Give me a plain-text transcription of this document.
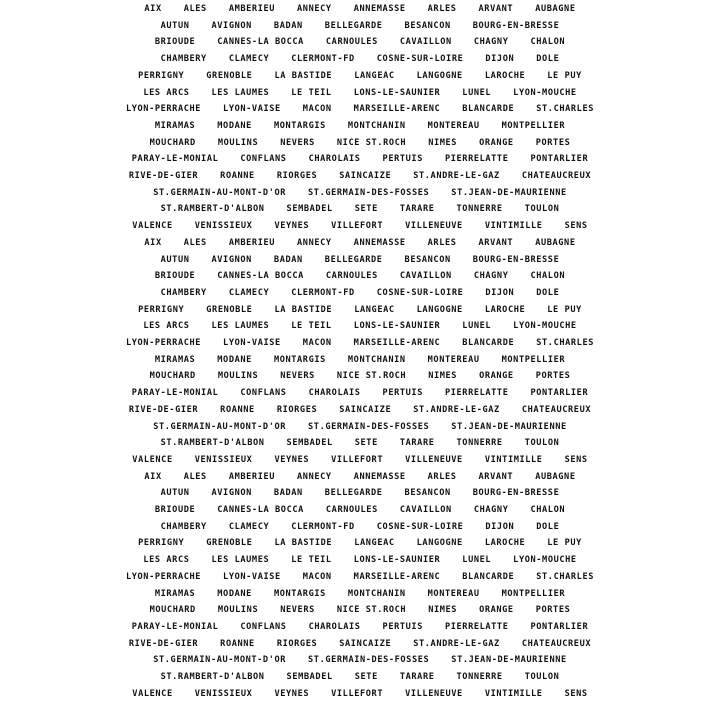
AIX	ALES	AMBERIEU	ANNECY	ANNEMASSE	ARLES	ARVANT	AUBAGNE
AUTUN	AVIGNON	BADAN	BELLEGARDE	BESANCON	BOURG-EN-BRESSE
BRIOUDE	CANNES-LA BOCCA	CARNOULES	CAVAILLON	CHAGNY	CHALON
CHAMBERY	CLAMECY	CLERMONT-FD	COSNE-SUR-LOIRE	DIJON	DOLE
PERRIGNY	GRENOBLE	LA BASTIDE	LANGEAC	LANGOGNE	LAROCHE	LE PUY
LES ARCS	LES LAUMES	LE TEIL	LONS-LE-SAUNIER	LUNEL	LYON-MOUCHE
LYON-PERRACHE	LYON-VAISE	MACON	MARSEILLE-ARENC	BLANCARDE	ST.CHARLES
MIRAMAS	MODANE	MONTARGIS	MONTCHANIN	MONTEREAU	MONTPELLIER
MOUCHARD	MOULINS	NEVERS	NICE ST.ROCH	NIMES	ORANGE	PORTES
PARAY-LE-MONIAL	CONFLANS	CHAROLAIS	PERTUIS	PIERRELATTE	PONTARLIER
RIVE-DE-GIER	ROANNE	RIORGES	SAINCAIZE	ST.ANDRE-LE-GAZ	CHATEAUCREUX
ST.GERMAIN-AU-MONT-D'OR	ST.GERMAIN-DES-FOSSES	ST.JEAN-DE-MAURIENNE
ST.RAMBERT-D'ALBON	SEMBADEL	SETE	TARARE	TONNERRE	TOULON
VALENCE	VENISSIEUX	VEYNES	VILLEFORT	VILLENEUVE	VINTIMILLE	SENS
AIX	ALES	AMBERIEU	ANNECY	ANNEMASSE	ARLES	ARVANT	AUBAGNE
AUTUN	AVIGNON	BADAN	BELLEGARDE	BESANCON	BOURG-EN-BRESSE
BRIOUDE	CANNES-LA BOCCA	CARNOULES	CAVAILLON	CHAGNY	CHALON
CHAMBERY	CLAMECY	CLERMONT-FD	COSNE-SUR-LOIRE	DIJON	DOLE
PERRIGNY	GRENOBLE	LA BASTIDE	LANGEAC	LANGOGNE	LAROCHE	LE PUY
LES ARCS	LES LAUMES	LE TEIL	LONS-LE-SAUNIER	LUNEL	LYON-MOUCHE
LYON-PERRACHE	LYON-VAISE	MACON	MARSEILLE-ARENC	BLANCARDE	ST.CHARLES
MIRAMAS	MODANE	MONTARGIS	MONTCHANIN	MONTEREAU	MONTPELLIER
MOUCHARD	MOULINS	NEVERS	NICE ST.ROCH	NIMES	ORANGE	PORTES
PARAY-LE-MONIAL	CONFLANS	CHAROLAIS	PERTUIS	PIERRELATTE	PONTARLIER
RIVE-DE-GIER	ROANNE	RIORGES	SAINCAIZE	ST.ANDRE-LE-GAZ	CHATEAUCREUX
ST.GERMAIN-AU-MONT-D'OR	ST.GERMAIN-DES-FOSSES	ST.JEAN-DE-MAURIENNE
ST.RAMBERT-D'ALBON	SEMBADEL	SETE	TARARE	TONNERRE	TOULON
VALENCE	VENISSIEUX	VEYNES	VILLEFORT	VILLENEUVE	VINTIMILLE	SENS
AIX	ALES	AMBERIEU	ANNECY	ANNEMASSE	ARLES	ARVANT	AUBAGNE
AUTUN	AVIGNON	BADAN	BELLEGARDE	BESANCON	BOURG-EN-BRESSE
BRIOUDE	CANNES-LA BOCCA	CARNOULES	CAVAILLON	CHAGNY	CHALON
CHAMBERY	CLAMECY	CLERMONT-FD	COSNE-SUR-LOIRE	DIJON	DOLE
PERRIGNY	GRENOBLE	LA BASTIDE	LANGEAC	LANGOGNE	LAROCHE	LE PUY
LES ARCS	LES LAUMES	LE TEIL	LONS-LE-SAUNIER	LUNEL	LYON-MOUCHE
LYON-PERRACHE	LYON-VAISE	MACON	MARSEILLE-ARENC	BLANCARDE	ST.CHARLES
MIRAMAS	MODANE	MONTARGIS	MONTCHANIN	MONTEREAU	MONTPELLIER
MOUCHARD	MOULINS	NEVERS	NICE ST.ROCH	NIMES	ORANGE	PORTES
PARAY-LE-MONIAL	CONFLANS	CHAROLAIS	PERTUIS	PIERRELATTE	PONTARLIER
RIVE-DE-GIER	ROANNE	RIORGES	SAINCAIZE	ST.ANDRE-LE-GAZ	CHATEAUCREUX
ST.GERMAIN-AU-MONT-D'OR	ST.GERMAIN-DES-FOSSES	ST.JEAN-DE-MAURIENNE
ST.RAMBERT-D'ALBON	SEMBADEL	SETE	TARARE	TONNERRE	TOULON
VALENCE	VENISSIEUX	VEYNES	VILLEFORT	VILLENEUVE	VINTIMILLE	SENS
